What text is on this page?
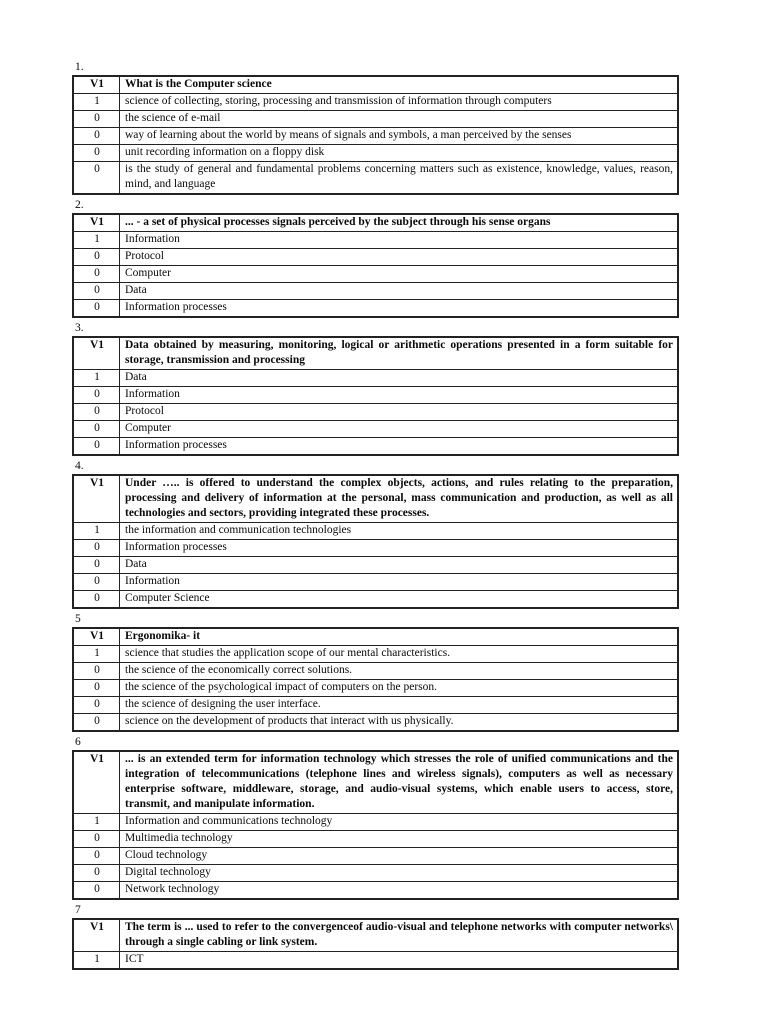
1.
V1	What is the Computer science
1	science of collecting, storing, processing and transmission of information through computers
0	the science of e-mail
0	way of learning about the world by means of signals and symbols, a man perceived by the senses
0	unit recording information on a floppy disk
0	is the study of general and fundamental problems concerning matters such as existence, knowledge, values, reason, mind, and language
2.
V1	... - a set of physical processes signals perceived by the subject through his sense organs
1	Information
0	Protocol
0	Computer
0	Data
0	Information processes
3.
V1	Data obtained by measuring, monitoring, logical or arithmetic operations presented in a form suitable for storage, transmission and processing
1	Data
0	Information
0	Protocol
0	Computer
0	Information processes
4.
V1	Under ….. is offered to understand the complex objects, actions, and rules relating to the preparation, processing and delivery of information at the personal, mass communication and production, as well as all technologies and sectors, providing integrated these processes.
1	the information and communication technologies
0	Information processes
0	Data
0	Information
0	Computer Science
5
V1	Ergonomika- it
1	science that studies the application scope of our mental characteristics.
0	the science of the economically correct solutions.
0	the science of the psychological impact of computers on the person.
0	the science of designing the user interface.
0	science on the development of products that interact with us physically.
6
V1	... is an extended term for information technology which stresses the role of unified communications and the integration of telecommunications (telephone lines and wireless signals), computers as well as necessary enterprise software, middleware, storage, and audio-visual systems, which enable users to access, store, transmit, and manipulate information.
1	Information and communications technology
0	Multimedia technology
0	Cloud technology
0	Digital technology
0	Network technology
7
V1	The term is ... used to refer to the convergenceof audio-visual and telephone networks with computer networks\ through a single cabling or link system.
1	ICT
